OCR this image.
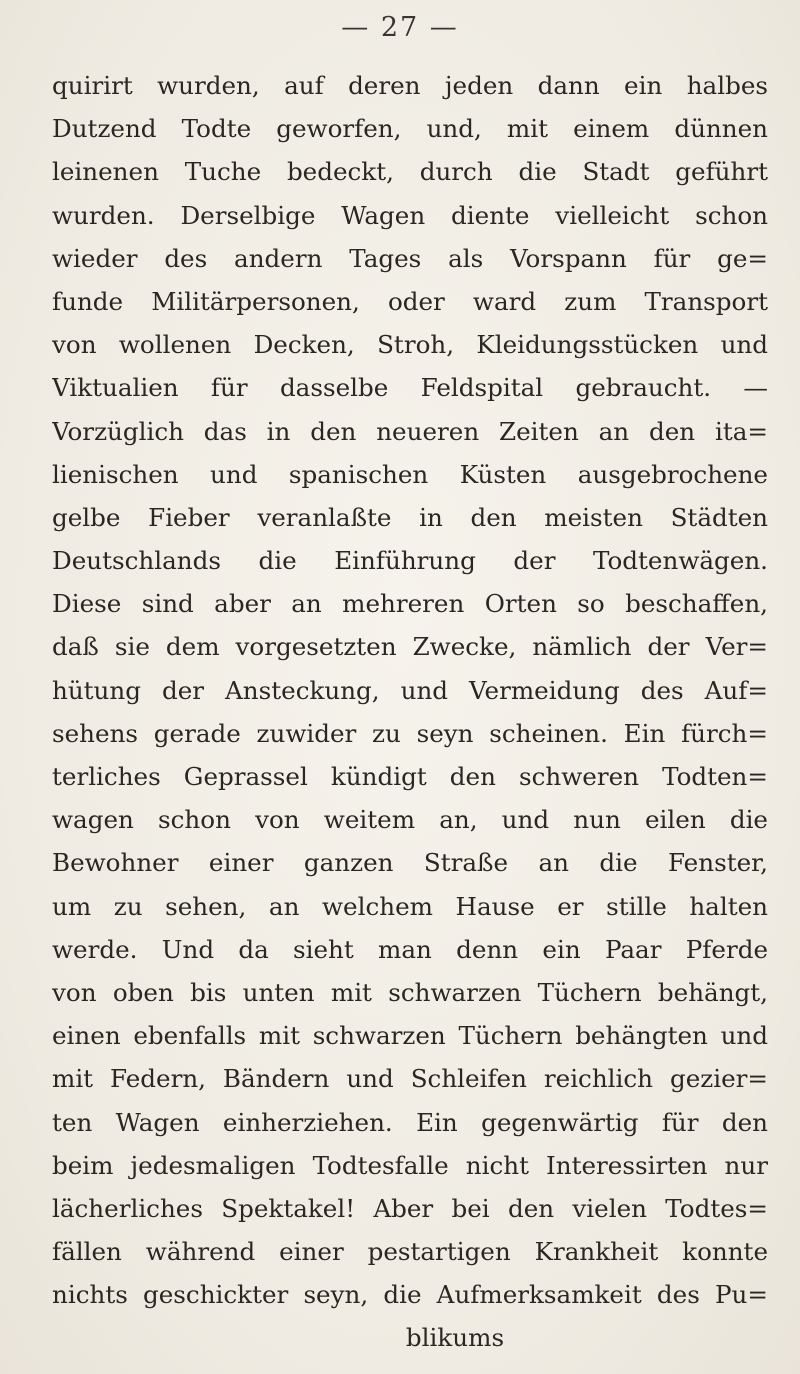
— 27 —
quirirt wurden, auf deren jeden dann ein halbes
Dutzend Todte geworfen, und, mit einem dünnen
leinenen Tuche bedeckt, durch die Stadt geführt
wurden. Derselbige Wagen diente vielleicht schon
wieder des andern Tages als Vorspann für ge=
funde Militärpersonen, oder ward zum Transport
von wollenen Decken, Stroh, Kleidungsstücken und
Viktualien für dasselbe Feldspital gebraucht. —
Vorzüglich das in den neueren Zeiten an den ita=
lienischen und spanischen Küsten ausgebrochene
gelbe Fieber veranlaßte in den meisten Städten
Deutschlands die Einführung der Todtenwägen.
Diese sind aber an mehreren Orten so beschaffen,
daß sie dem vorgesetzten Zwecke, nämlich der Ver=
hütung der Ansteckung, und Vermeidung des Auf=
sehens gerade zuwider zu seyn scheinen. Ein fürch=
terliches Geprassel kündigt den schweren Todten=
wagen schon von weitem an, und nun eilen die
Bewohner einer ganzen Straße an die Fenster,
um zu sehen, an welchem Hause er stille halten
werde. Und da sieht man denn ein Paar Pferde
von oben bis unten mit schwarzen Tüchern behängt,
einen ebenfalls mit schwarzen Tüchern behängten und
mit Federn, Bändern und Schleifen reichlich gezier=
ten Wagen einherziehen. Ein gegenwärtig für den
beim jedesmaligen Todtesfalle nicht Interessirten nur
lächerliches Spektakel! Aber bei den vielen Todtes=
fällen während einer pestartigen Krankheit konnte
nichts geschickter seyn, die Aufmerksamkeit des Pu=
blikums
